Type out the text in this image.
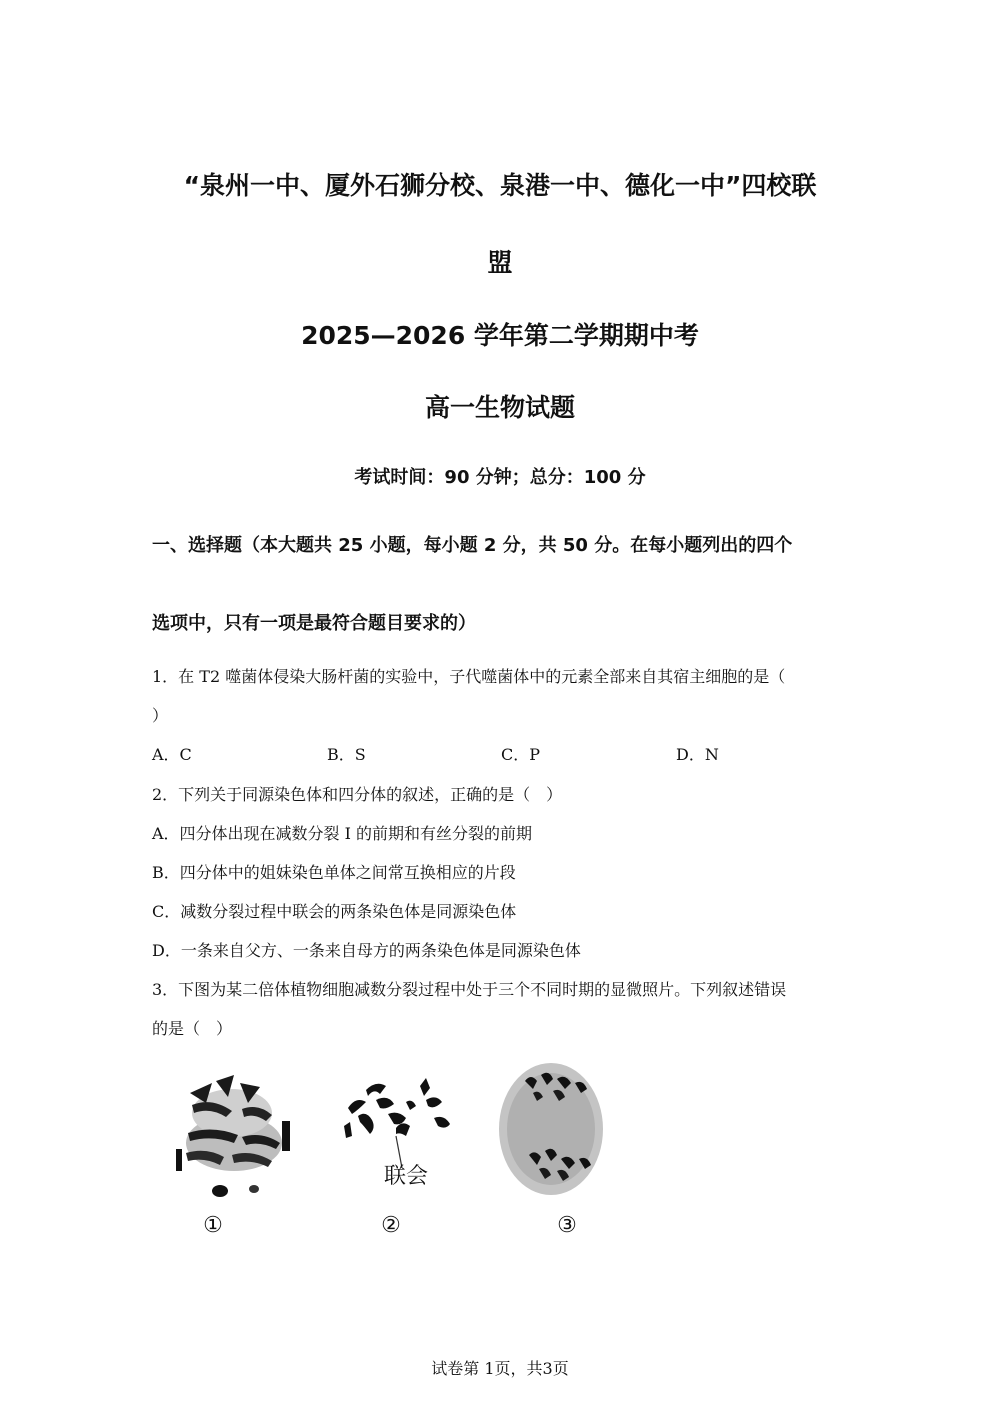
“泉州一中、厦外石狮分校、泉港一中、德化一中”四校联
盟
2025—2026 学年第二学期期中考
高一生物试题
考试时间：90 分钟；总分：100 分
一、选择题（本大题共 25 小题，每小题 2 分，共 50 分。在每小题列出的四个
选项中，只有一项是最符合题目要求的）
1．在 T2 噬菌体侵染大肠杆菌的实验中，子代噬菌体中的元素全部来自其宿主细胞的是（
）
A．C	B．S	C．P	D．N
2．下列关于同源染色体和四分体的叙述，正确的是（　）
A．四分体出现在减数分裂 I 的前期和有丝分裂的前期
B．四分体中的姐妹染色单体之间常互换相应的片段
C．减数分裂过程中联会的两条染色体是同源染色体
D．一条来自父方、一条来自母方的两条染色体是同源染色体
3．下图为某二倍体植物细胞减数分裂过程中处于三个不同时期的显微照片。下列叙述错误
的是（　）
联会
①	②	③
试卷第 1页，共3页
